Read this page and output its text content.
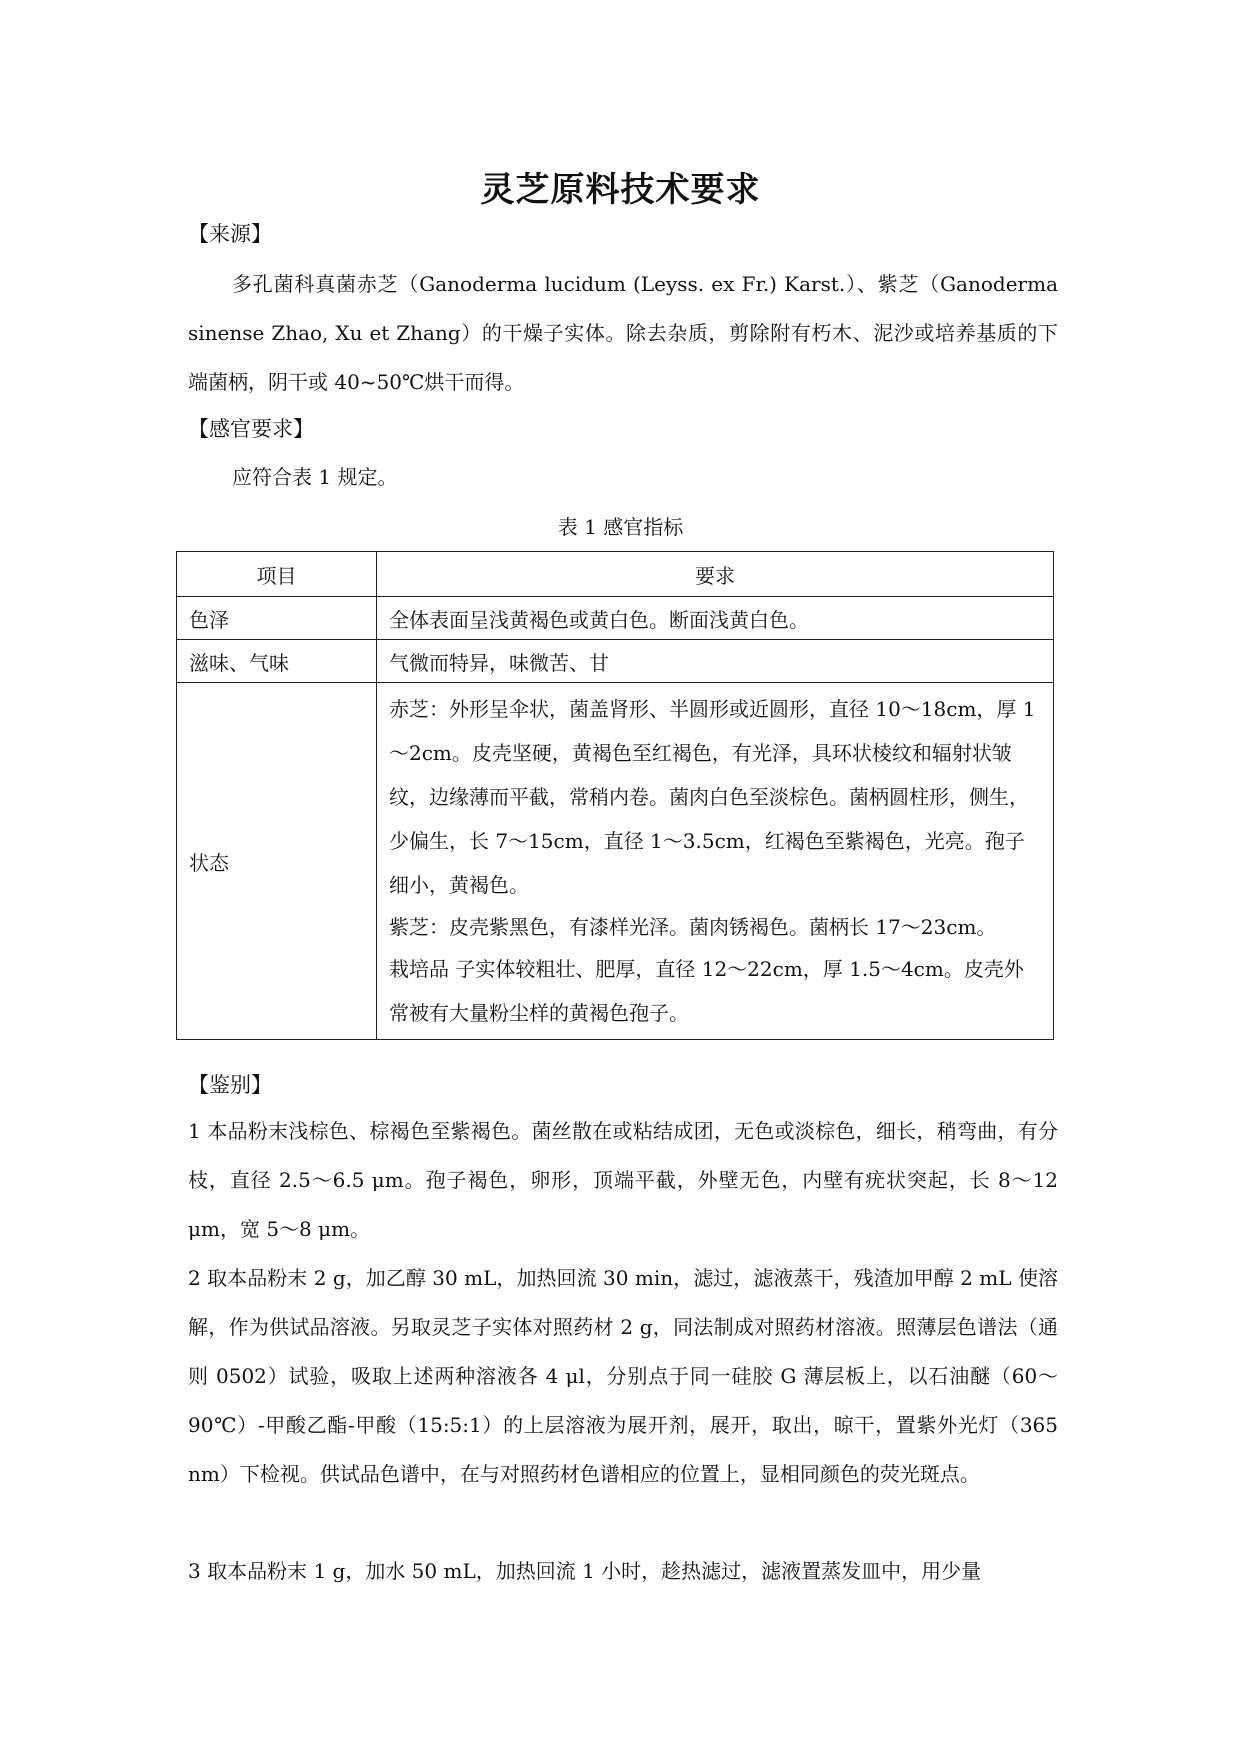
灵芝原料技术要求
【来源】

多孔菌科真菌赤芝（Ganoderma lucidum (Leyss. ex Fr.) Karst.）、紫芝（Ganoderma sinense Zhao, Xu et Zhang）的干燥子实体。除去杂质，剪除附有朽木、泥沙或培养基质的下端菌柄，阴干或 40~50℃烘干而得。

【感官要求】

应符合表 1 规定。

表 1 感官指标
项目	要求
色泽	全体表面呈浅黄褐色或黄白色。断面浅黄白色。
滋味、气味	气微而特异，味微苦、甘
状态	赤芝：外形呈伞状，菌盖肾形、半圆形或近圆形，直径 10～18cm，厚 1～2cm。皮壳坚硬，黄褐色至红褐色，有光泽，具环状棱纹和辐射状皱纹，边缘薄而平截，常稍内卷。菌肉白色至淡棕色。菌柄圆柱形，侧生，少偏生，长 7～15cm，直径 1～3.5cm，红褐色至紫褐色，光亮。孢子细小，黄褐色。

紫芝：皮壳紫黑色，有漆样光泽。菌肉锈褐色。菌柄长 17～23cm。

栽培品 子实体较粗壮、肥厚，直径 12～22cm，厚 1.5～4cm。皮壳外常被有大量粉尘样的黄褐色孢子。

【鉴别】

1 本品粉末浅棕色、棕褐色至紫褐色。菌丝散在或粘结成团，无色或淡棕色，细长，稍弯曲，有分枝，直径 2.5～6.5 μm。孢子褐色，卵形，顶端平截，外壁无色，内壁有疣状突起，长 8～12 μm，宽 5～8 μm。

2 取本品粉末 2 g，加乙醇 30 mL，加热回流 30 min，滤过，滤液蒸干，残渣加甲醇 2 mL 使溶解，作为供试品溶液。另取灵芝子实体对照药材 2 g，同法制成对照药材溶液。照薄层色谱法（通则 0502）试验，吸取上述两种溶液各 4 μl，分别点于同一硅胶 G 薄层板上，以石油醚（60～90℃）-甲酸乙酯-甲酸（15:5:1）的上层溶液为展开剂，展开，取出，晾干，置紫外光灯（365 nm）下检视。供试品色谱中，在与对照药材色谱相应的位置上，显相同颜色的荧光斑点。

3 取本品粉末 1 g，加水 50 mL，加热回流 1 小时，趁热滤过，滤液置蒸发皿中，用少量
